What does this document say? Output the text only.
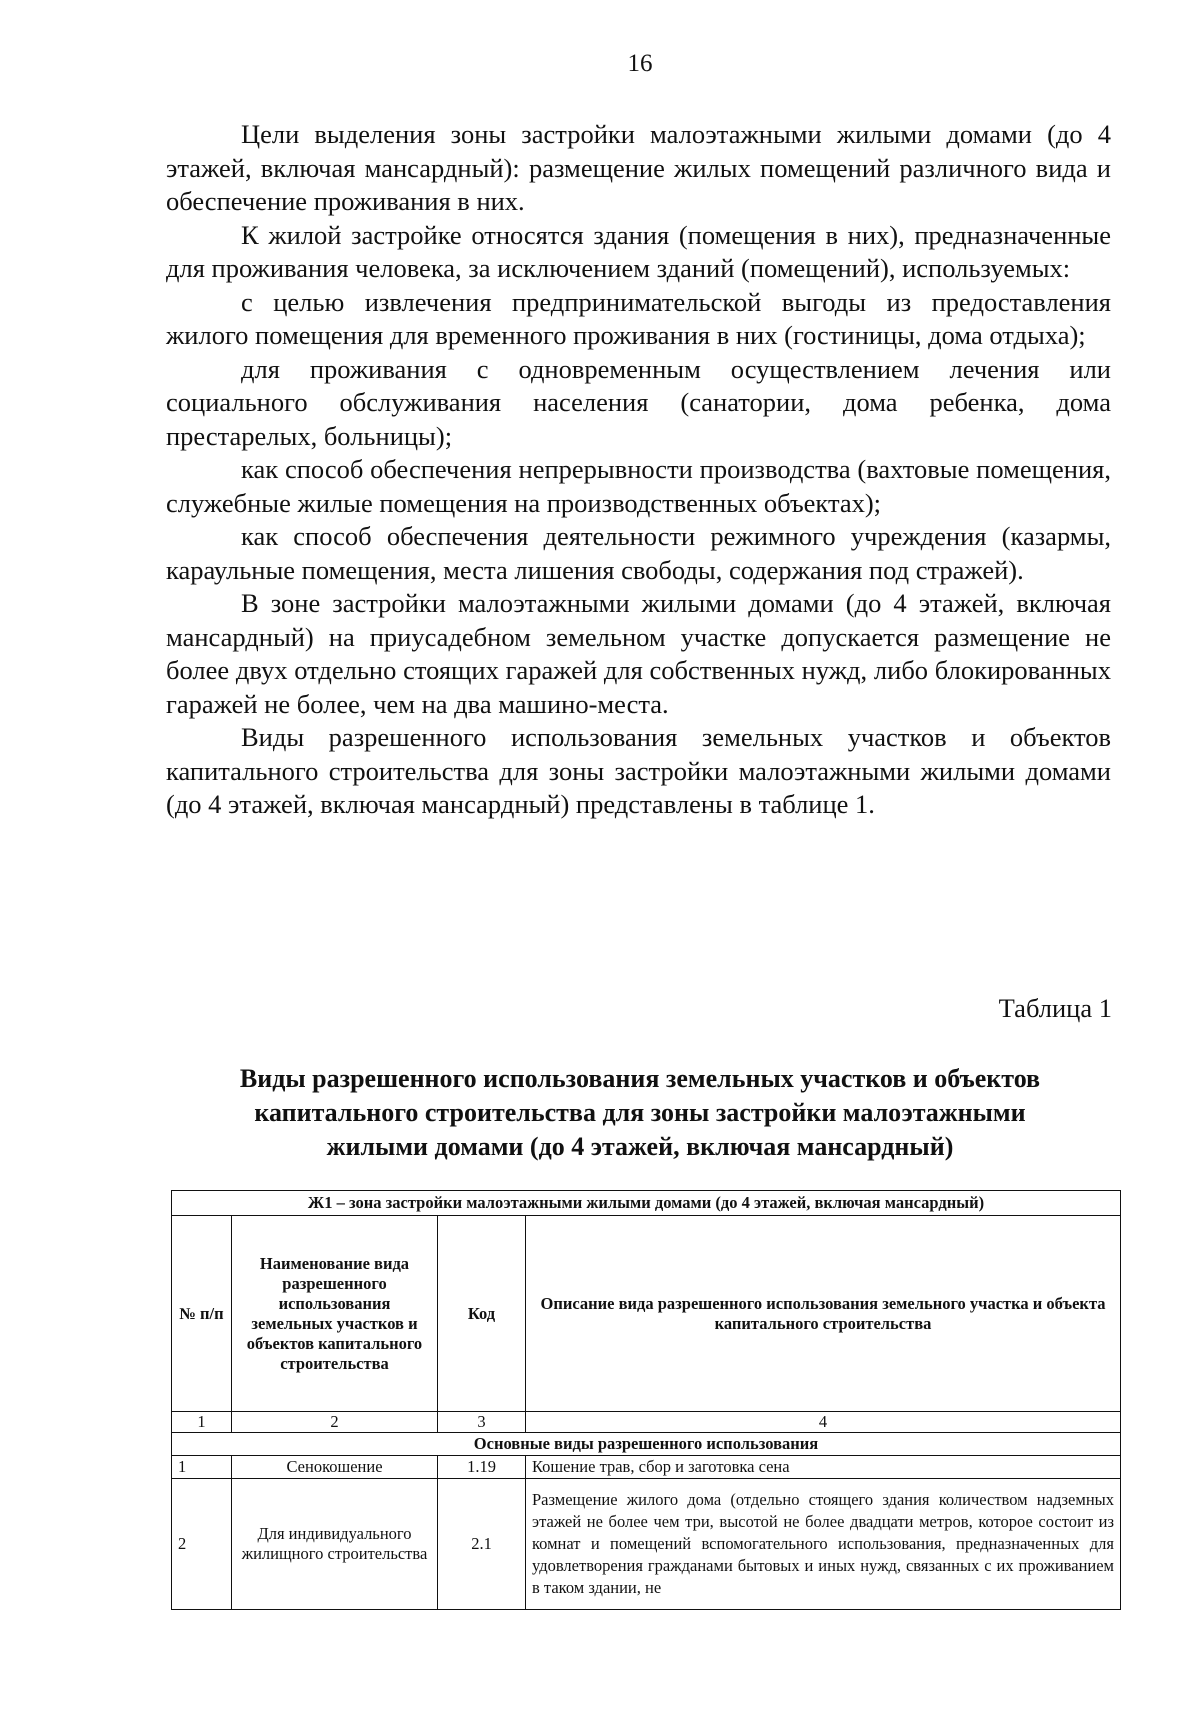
16

Цели выделения зоны застройки малоэтажными жилыми домами (до 4 этажей, включая мансардный): размещение жилых помещений различного вида и обеспечение проживания в них.

К жилой застройке относятся здания (помещения в них), предназначенные для проживания человека, за исключением зданий (помещений), используемых:

с целью извлечения предпринимательской выгоды из предоставления жилого помещения для временного проживания в них (гостиницы, дома отдыха);

для проживания с одновременным осуществлением лечения или социального обслуживания населения (санатории, дома ребенка, дома престарелых, больницы);

как способ обеспечения непрерывности производства (вахтовые помещения, служебные жилые помещения на производственных объектах);

как способ обеспечения деятельности режимного учреждения (казармы, караульные помещения, места лишения свободы, содержания под стражей).

В зоне застройки малоэтажными жилыми домами (до 4 этажей, включая мансардный) на приусадебном земельном участке допускается размещение не более двух отдельно стоящих гаражей для собственных нужд, либо блокированных гаражей не более, чем на два машино-места.

Виды разрешенного использования земельных участков и объектов капитального строительства для зоны застройки малоэтажными жилыми домами (до 4 этажей, включая мансардный) представлены в таблице 1.

Таблица 1
Виды разрешенного использования земельных участков и объектов
капитального строительства для зоны застройки малоэтажными
жилыми домами (до 4 этажей, включая мансардный)
Ж1 – зона застройки малоэтажными жилыми домами (до 4 этажей, включая мансардный)			
№ п/п	Наименование вида разрешенного использования земельных участков и объектов капитального строительства	Код	Описание вида разрешенного использования земельного участка и объекта капитального строительства
1	2	3	4
Основные виды разрешенного использования			
1	Сенокошение	1.19	Кошение трав, сбор и заготовка сена
2	Для индивидуального жилищного строительства	2.1	Размещение жилого дома (отдельно стоящего здания количеством надземных этажей не более чем три, высотой не более двадцати метров, которое состоит из комнат и помещений вспомогательного использования, предназначенных для удовлетворения гражданами бытовых и иных нужд, связанных с их проживанием в таком здании, не
